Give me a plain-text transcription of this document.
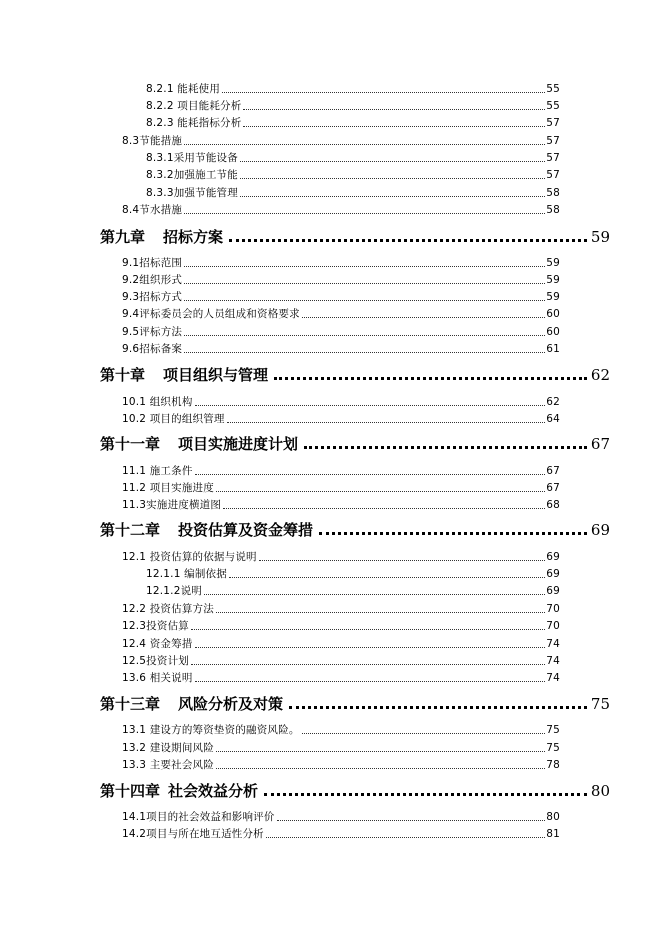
8.2.1 能耗使用	55
8.2.2 项目能耗分析	55
8.2.3 能耗指标分析	57
8.3节能措施	57
8.3.1采用节能设备	57
8.3.2加强施工节能	57
8.3.3加强节能管理	58
8.4节水措施	58
第九章 招标方案	59
9.1招标范围	59
9.2组织形式	59
9.3招标方式	59
9.4评标委员会的人员组成和资格要求	60
9.5评标方法	60
9.6招标备案	61
第十章 项目组织与管理	62
10.1 组织机构	62
10.2 项目的组织管理	64
第十一章 项目实施进度计划	67
11.1 施工条件	67
11.2 项目实施进度	67
11.3实施进度横道图	68
第十二章 投资估算及资金筹措	69
12.1 投资估算的依据与说明	69
12.1.1 编制依据	69
12.1.2说明	69
12.2 投资估算方法	70
12.3投资估算	70
12.4 资金筹措	74
12.5投资计划	74
13.6 相关说明	74
第十三章 风险分析及对策	75
13.1 建设方的筹资垫资的融资风险。	75
13.2 建设期间风险	75
13.3 主要社会风险	78
第十四章 社会效益分析	80
14.1项目的社会效益和影响评价	80
14.2项目与所在地互适性分析	81
